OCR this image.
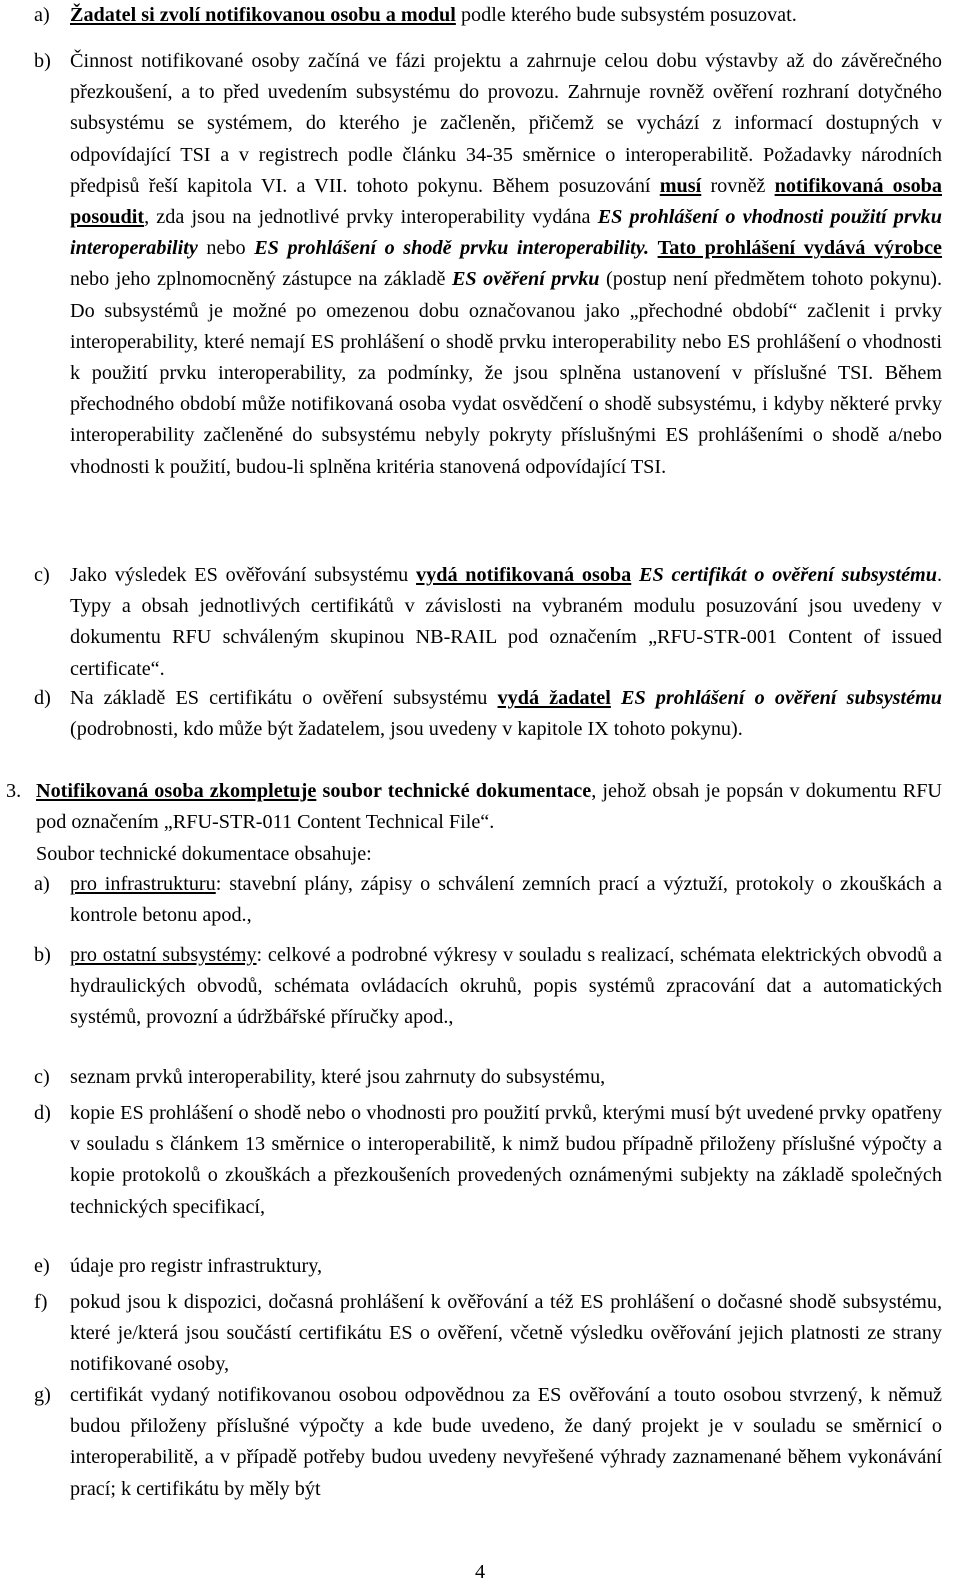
a) Žadatel si zvolí notifikovanou osobu a modul podle kterého bude subsystém posuzovat.
b) Činnost notifikované osoby začíná ve fázi projektu a zahrnuje celou dobu výstavby až do závěrečného přezkoušení, a to před uvedením subsystému do provozu. Zahrnuje rovněž ověření rozhraní dotyčného subsystému se systémem, do kterého je začleněn, přičemž se vychází z informací dostupných v odpovídající TSI a v registrech podle článku 34-35 směrnice o interoperabilitě. Požadavky národních předpisů řeší kapitola VI. a VII. tohoto pokynu. Během posuzování musí rovněž notifikovaná osoba posoudit, zda jsou na jednotlivé prvky interoperability vydána ES prohlášení o vhodnosti použití prvku interoperability nebo ES prohlášení o shodě prvku interoperability. Tato prohlášení vydává výrobce nebo jeho zplnomocněný zástupce na základě ES ověření prvku (postup není předmětem tohoto pokynu). Do subsystémů je možné po omezenou dobu označovanou jako „přechodné období“ začlenit i prvky interoperability, které nemají ES prohlášení o shodě prvku interoperability nebo ES prohlášení o vhodnosti k použití prvku interoperability, za podmínky, že jsou splněna ustanovení v příslušné TSI. Během přechodného období může notifikovaná osoba vydat osvědčení o shodě subsystému, i kdyby některé prvky interoperability začleněné do subsystému nebyly pokryty příslušnými ES prohlášeními o shodě a/nebo vhodnosti k použití, budou-li splněna kritéria stanovená odpovídající TSI.
c) Jako výsledek ES ověřování subsystému vydá notifikovaná osoba ES certifikát o ověření subsystému. Typy a obsah jednotlivých certifikátů v závislosti na vybraném modulu posuzování jsou uvedeny v dokumentu RFU schváleným skupinou NB-RAIL pod označením „RFU-STR-001 Content of issued certificate“.
d) Na základě ES certifikátu o ověření subsystému vydá žadatel ES prohlášení o ověření subsystému (podrobnosti, kdo může být žadatelem, jsou uvedeny v kapitole IX tohoto pokynu).
3. Notifikovaná osoba zkompletuje soubor technické dokumentace, jehož obsah je popsán v dokumentu RFU pod označením „RFU-STR-011 Content Technical File“.
Soubor technické dokumentace obsahuje:
a) pro infrastrukturu: stavební plány, zápisy o schválení zemních prací a výztuží, protokoly o zkouškách a kontrole betonu apod.,
b) pro ostatní subsystémy: celkové a podrobné výkresy v souladu s realizací, schémata elektrických obvodů a hydraulických obvodů, schémata ovládacích okruhů, popis systémů zpracování dat a automatických systémů, provozní a údržbářské příručky apod.,
c) seznam prvků interoperability, které jsou zahrnuty do subsystému,
d) kopie ES prohlášení o shodě nebo o vhodnosti pro použití prvků, kterými musí být uvedené prvky opatřeny v souladu s článkem 13 směrnice o interoperabilitě, k nimž budou případně přiloženy příslušné výpočty a kopie protokolů o zkouškách a přezkoušeních provedených oznámenými subjekty na základě společných technických specifikací,
e) údaje pro registr infrastruktury,
f) pokud jsou k dispozici, dočasná prohlášení k ověřování a též ES prohlášení o dočasné shodě subsystému, které je/která jsou součástí certifikátu ES o ověření, včetně výsledku ověřování jejich platnosti ze strany notifikované osoby,
g) certifikát vydaný notifikovanou osobou odpovědnou za ES ověřování a touto osobou stvrzený, k němuž budou přiloženy příslušné výpočty a kde bude uvedeno, že daný projekt je v souladu se směrnicí o interoperabilitě, a v případě potřeby budou uvedeny nevyřešené výhrady zaznamenané během vykonávání prací; k certifikátu by měly být
4
